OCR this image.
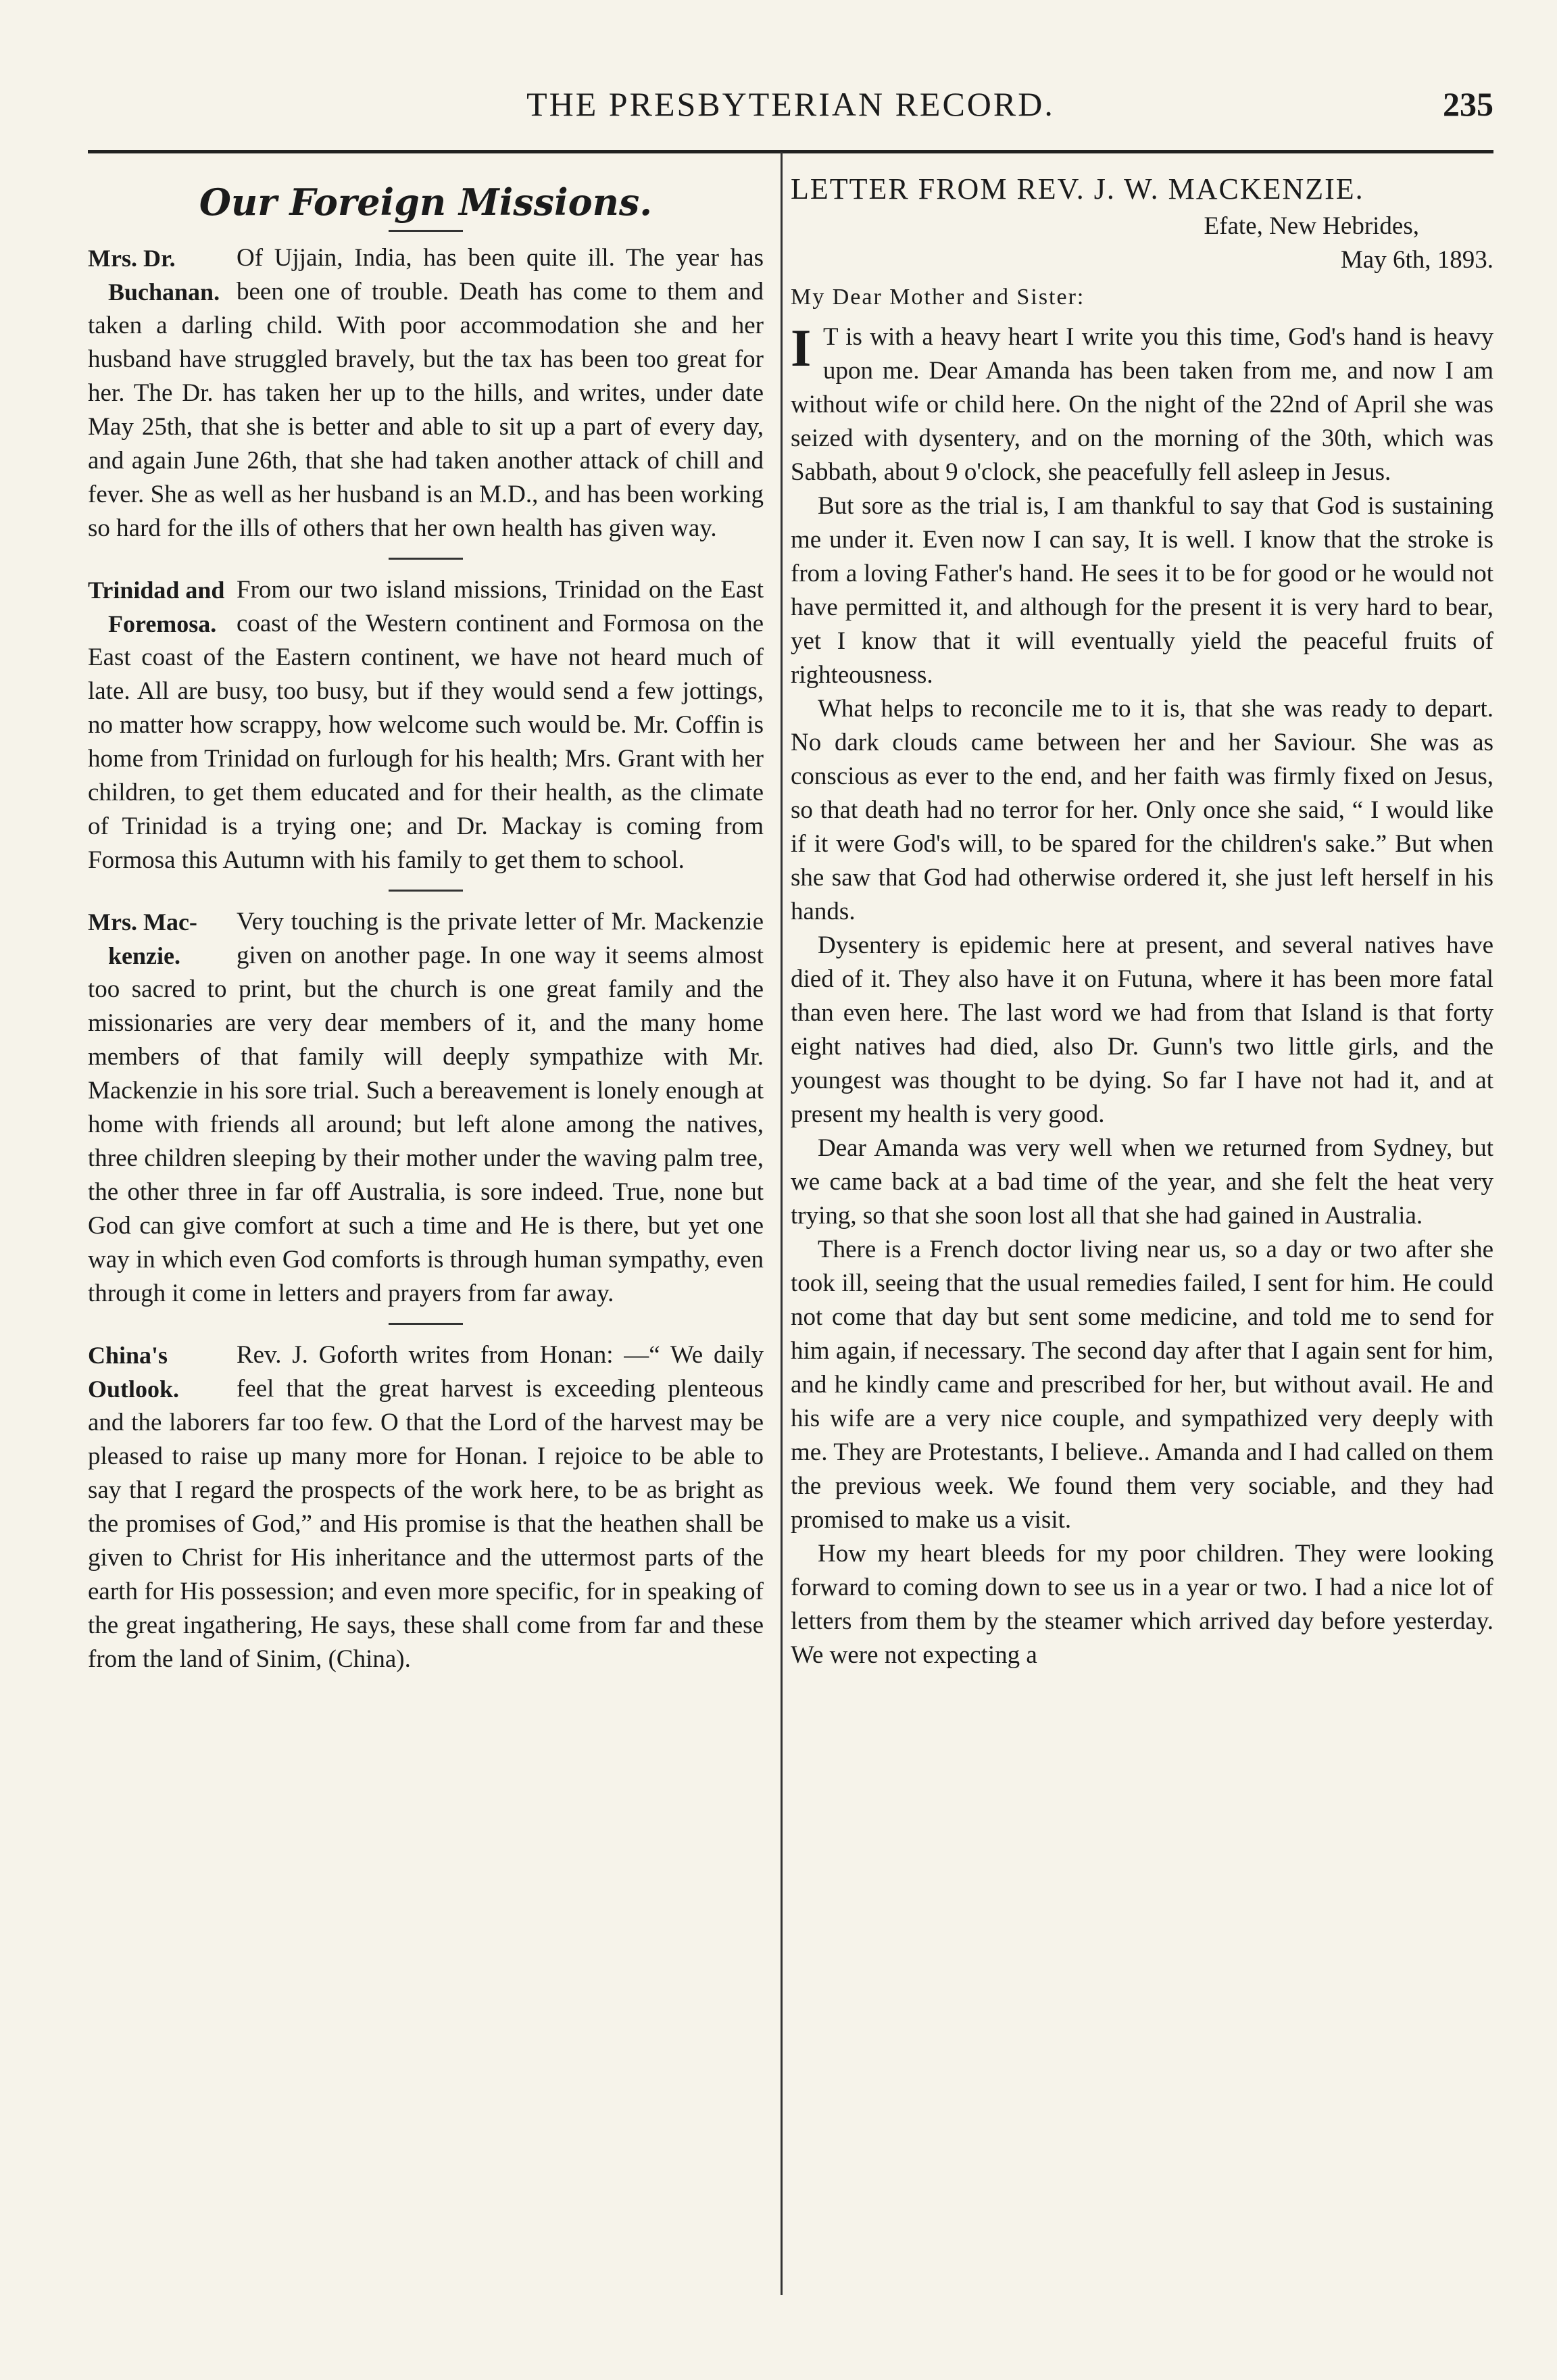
THE PRESBYTERIAN RECORD.	235
Our Foreign Missions.
Mrs. Dr.
Buchanan.

Of Ujjain, India, has been quite ill. The year has been one of trouble. Death has come to them and taken a darling child. With poor accommodation she and her husband have struggled bravely, but the tax has been too great for her. The Dr. has taken her up to the hills, and writes, under date May 25th, that she is better and able to sit up a part of every day, and again June 26th, that she had taken another attack of chill and fever. She as well as her husband is an M.D., and has been working so hard for the ills of others that her own health has given way.

Trinidad and
Foremosa.

From our two island missions, Trinidad on the East coast of the Western continent and Formosa on the East coast of the Eastern continent, we have not heard much of late. All are busy, too busy, but if they would send a few jottings, no matter how scrappy, how welcome such would be. Mr. Coffin is home from Trinidad on furlough for his health; Mrs. Grant with her children, to get them educated and for their health, as the climate of Trinidad is a trying one; and Dr. Mackay is coming from Formosa this Autumn with his family to get them to school.

Mrs. Mac-
kenzie.

Very touching is the private letter of Mr. Mackenzie given on another page. In one way it seems almost too sacred to print, but the church is one great family and the missionaries are very dear members of it, and the many home members of that family will deeply sympathize with Mr. Mackenzie in his sore trial. Such a bereavement is lonely enough at home with friends all around; but left alone among the natives, three children sleeping by their mother under the waving palm tree, the other three in far off Australia, is sore indeed. True, none but God can give comfort at such a time and He is there, but yet one way in which even God comforts is through human sympathy, even through it come in letters and prayers from far away.

China's
Outlook.

Rev. J. Goforth writes from Honan: —“ We daily feel that the great harvest is exceeding plenteous and the laborers far too few. O that the Lord of the harvest may be pleased to raise up many more for Honan. I rejoice to be able to say that I regard the prospects of the work here, to be as bright as the promises of God,” and His promise is that the heathen shall be given to Christ for His inheritance and the uttermost parts of the earth for His possession; and even more specific, for in speaking of the great ingathering, He says, these shall come from far and these from the land of Sinim, (China).

LETTER FROM REV. J. W. MACKENZIE.
Efate, New Hebrides,
May 6th, 1893.
My Dear Mother and Sister:

I T is with a heavy heart I write you this time, God's hand is heavy upon me. Dear Amanda has been taken from me, and now I am without wife or child here. On the night of the 22nd of April she was seized with dysentery, and on the morning of the 30th, which was Sabbath, about 9 o'clock, she peacefully fell asleep in Jesus.

But sore as the trial is, I am thankful to say that God is sustaining me under it. Even now I can say, It is well. I know that the stroke is from a loving Father's hand. He sees it to be for good or he would not have permitted it, and although for the present it is very hard to bear, yet I know that it will eventually yield the peaceful fruits of righteousness.

What helps to reconcile me to it is, that she was ready to depart. No dark clouds came between her and her Saviour. She was as conscious as ever to the end, and her faith was firmly fixed on Jesus, so that death had no terror for her. Only once she said, “ I would like if it were God's will, to be spared for the children's sake.” But when she saw that God had otherwise ordered it, she just left herself in his hands.

Dysentery is epidemic here at present, and several natives have died of it. They also have it on Futuna, where it has been more fatal than even here. The last word we had from that Island is that forty eight natives had died, also Dr. Gunn's two little girls, and the youngest was thought to be dying. So far I have not had it, and at present my health is very good.

Dear Amanda was very well when we returned from Sydney, but we came back at a bad time of the year, and she felt the heat very trying, so that she soon lost all that she had gained in Australia.

There is a French doctor living near us, so a day or two after she took ill, seeing that the usual remedies failed, I sent for him. He could not come that day but sent some medicine, and told me to send for him again, if necessary. The second day after that I again sent for him, and he kindly came and prescribed for her, but without avail. He and his wife are a very nice couple, and sympathized very deeply with me. They are Protestants, I believe.. Amanda and I had called on them the previous week. We found them very sociable, and they had promised to make us a visit.

How my heart bleeds for my poor children. They were looking forward to coming down to see us in a year or two. I had a nice lot of letters from them by the steamer which arrived day before yesterday. We were not expecting a
